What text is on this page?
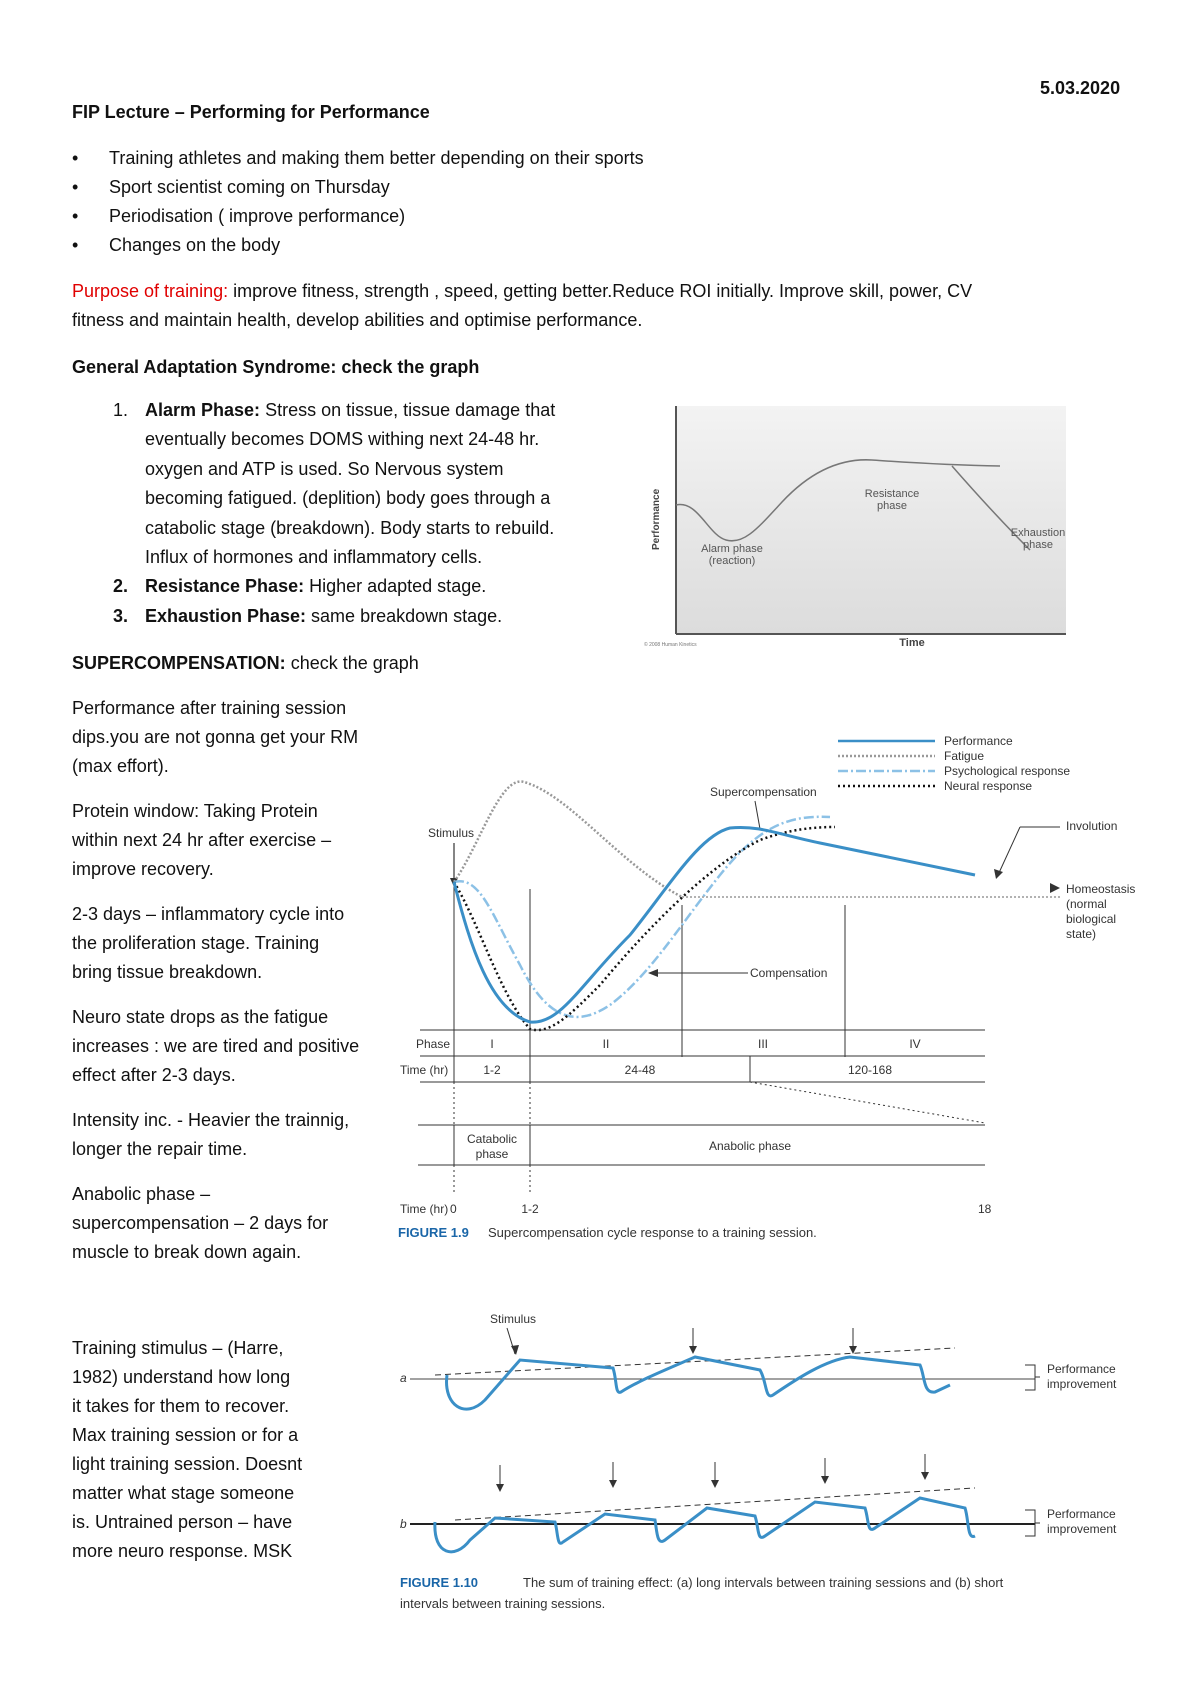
5.03.2020
FIP Lecture – Performing for Performance
• Training athletes and making them better depending on their sports
• Sport scientist coming on Thursday
• Periodisation ( improve performance)
• Changes on the body
Purpose of training: improve fitness, strength , speed, getting better.Reduce ROI initially. Improve skill, power, CV
fitness and maintain health, develop abilities and optimise performance.
General Adaptation Syndrome: check the graph
1. Alarm Phase: Stress on tissue, tissue damage that
eventually becomes DOMS withing next 24-48 hr.
oxygen and ATP is used. So Nervous system
becoming fatigued. (deplition) body goes through a
catabolic stage (breakdown). Body starts to rebuild.
Influx of hormones and inflammatory cells.
2. Resistance Phase: Higher adapted stage.
3. Exhaustion Phase: same breakdown stage.
Performance	Alarm phase
(reaction)
Resistance
phase
Exhaustion
phase
Time
© 2008 Human Kinetics
SUPERCOMPENSATION: check the graph
Performance after training session
dips.you are not gonna get your RM
(max effort).
Protein window: Taking Protein
within next 24 hr after exercise –
improve recovery.
2-3 days – inflammatory cycle into
the proliferation stage. Training
bring tissue breakdown.
Neuro state drops as the fatigue
increases : we are tired and positive
effect after 2-3 days.
Intensity inc. - Heavier the trainnig,
longer the repair time.
Anabolic phase –
supercompensation – 2 days for
muscle to break down again.
Training stimulus – (Harre,
1982) understand how long
it takes for them to recover.
Max training session or for a
light training session. Doesnt
matter what stage someone
is. Untrained person – have
more neuro response. MSK
Performance
Fatigue
Psychological response
Neural response
Supercompensation
Stimulus	Involution
Homeostasis
(normal
biological
state)
Compensation
Phase	I	II	III	IV
Time (hr)	1-2	24-48	120-168
Catabolic
phase
Anabolic phase
Time (hr) 0	1-2	18
FIGURE 1.9 Supercompensation cycle response to a training session.
Stimulus
a
Performance
improvement
b
Performance
improvement
FIGURE 1.10	The sum of training effect: (a) long intervals between training sessions and (b) short
intervals between training sessions.
